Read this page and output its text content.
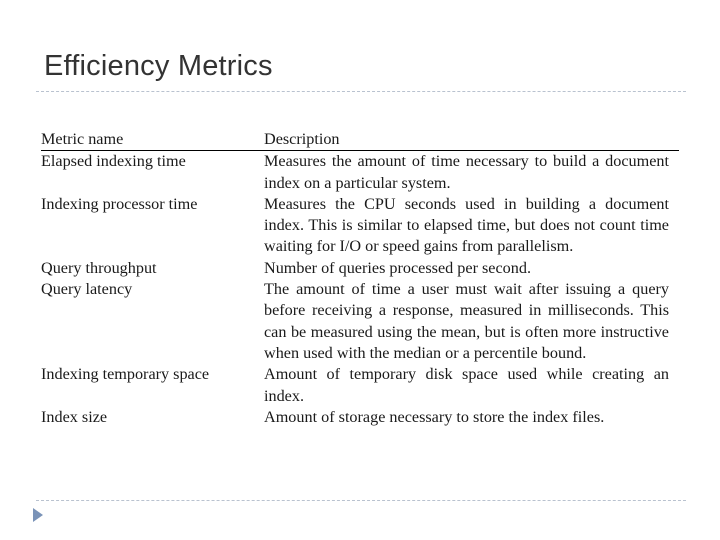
Efficiency Metrics
Metric name	Description
Elapsed indexing time	Measures the amount of time necessary to build a document index on a particular system.
Indexing processor time	Measures the CPU seconds used in building a document index. This is similar to elapsed time, but does not count time waiting for I/O or speed gains from parallelism.
Query throughput	Number of queries processed per second.
Query latency	The amount of time a user must wait after issuing a query before receiving a response, measured in milliseconds. This can be measured using the mean, but is often more instructive when used with the median or a percentile bound.
Indexing temporary space	Amount of temporary disk space used while creating an index.
Index size	Amount of storage necessary to store the index files.
